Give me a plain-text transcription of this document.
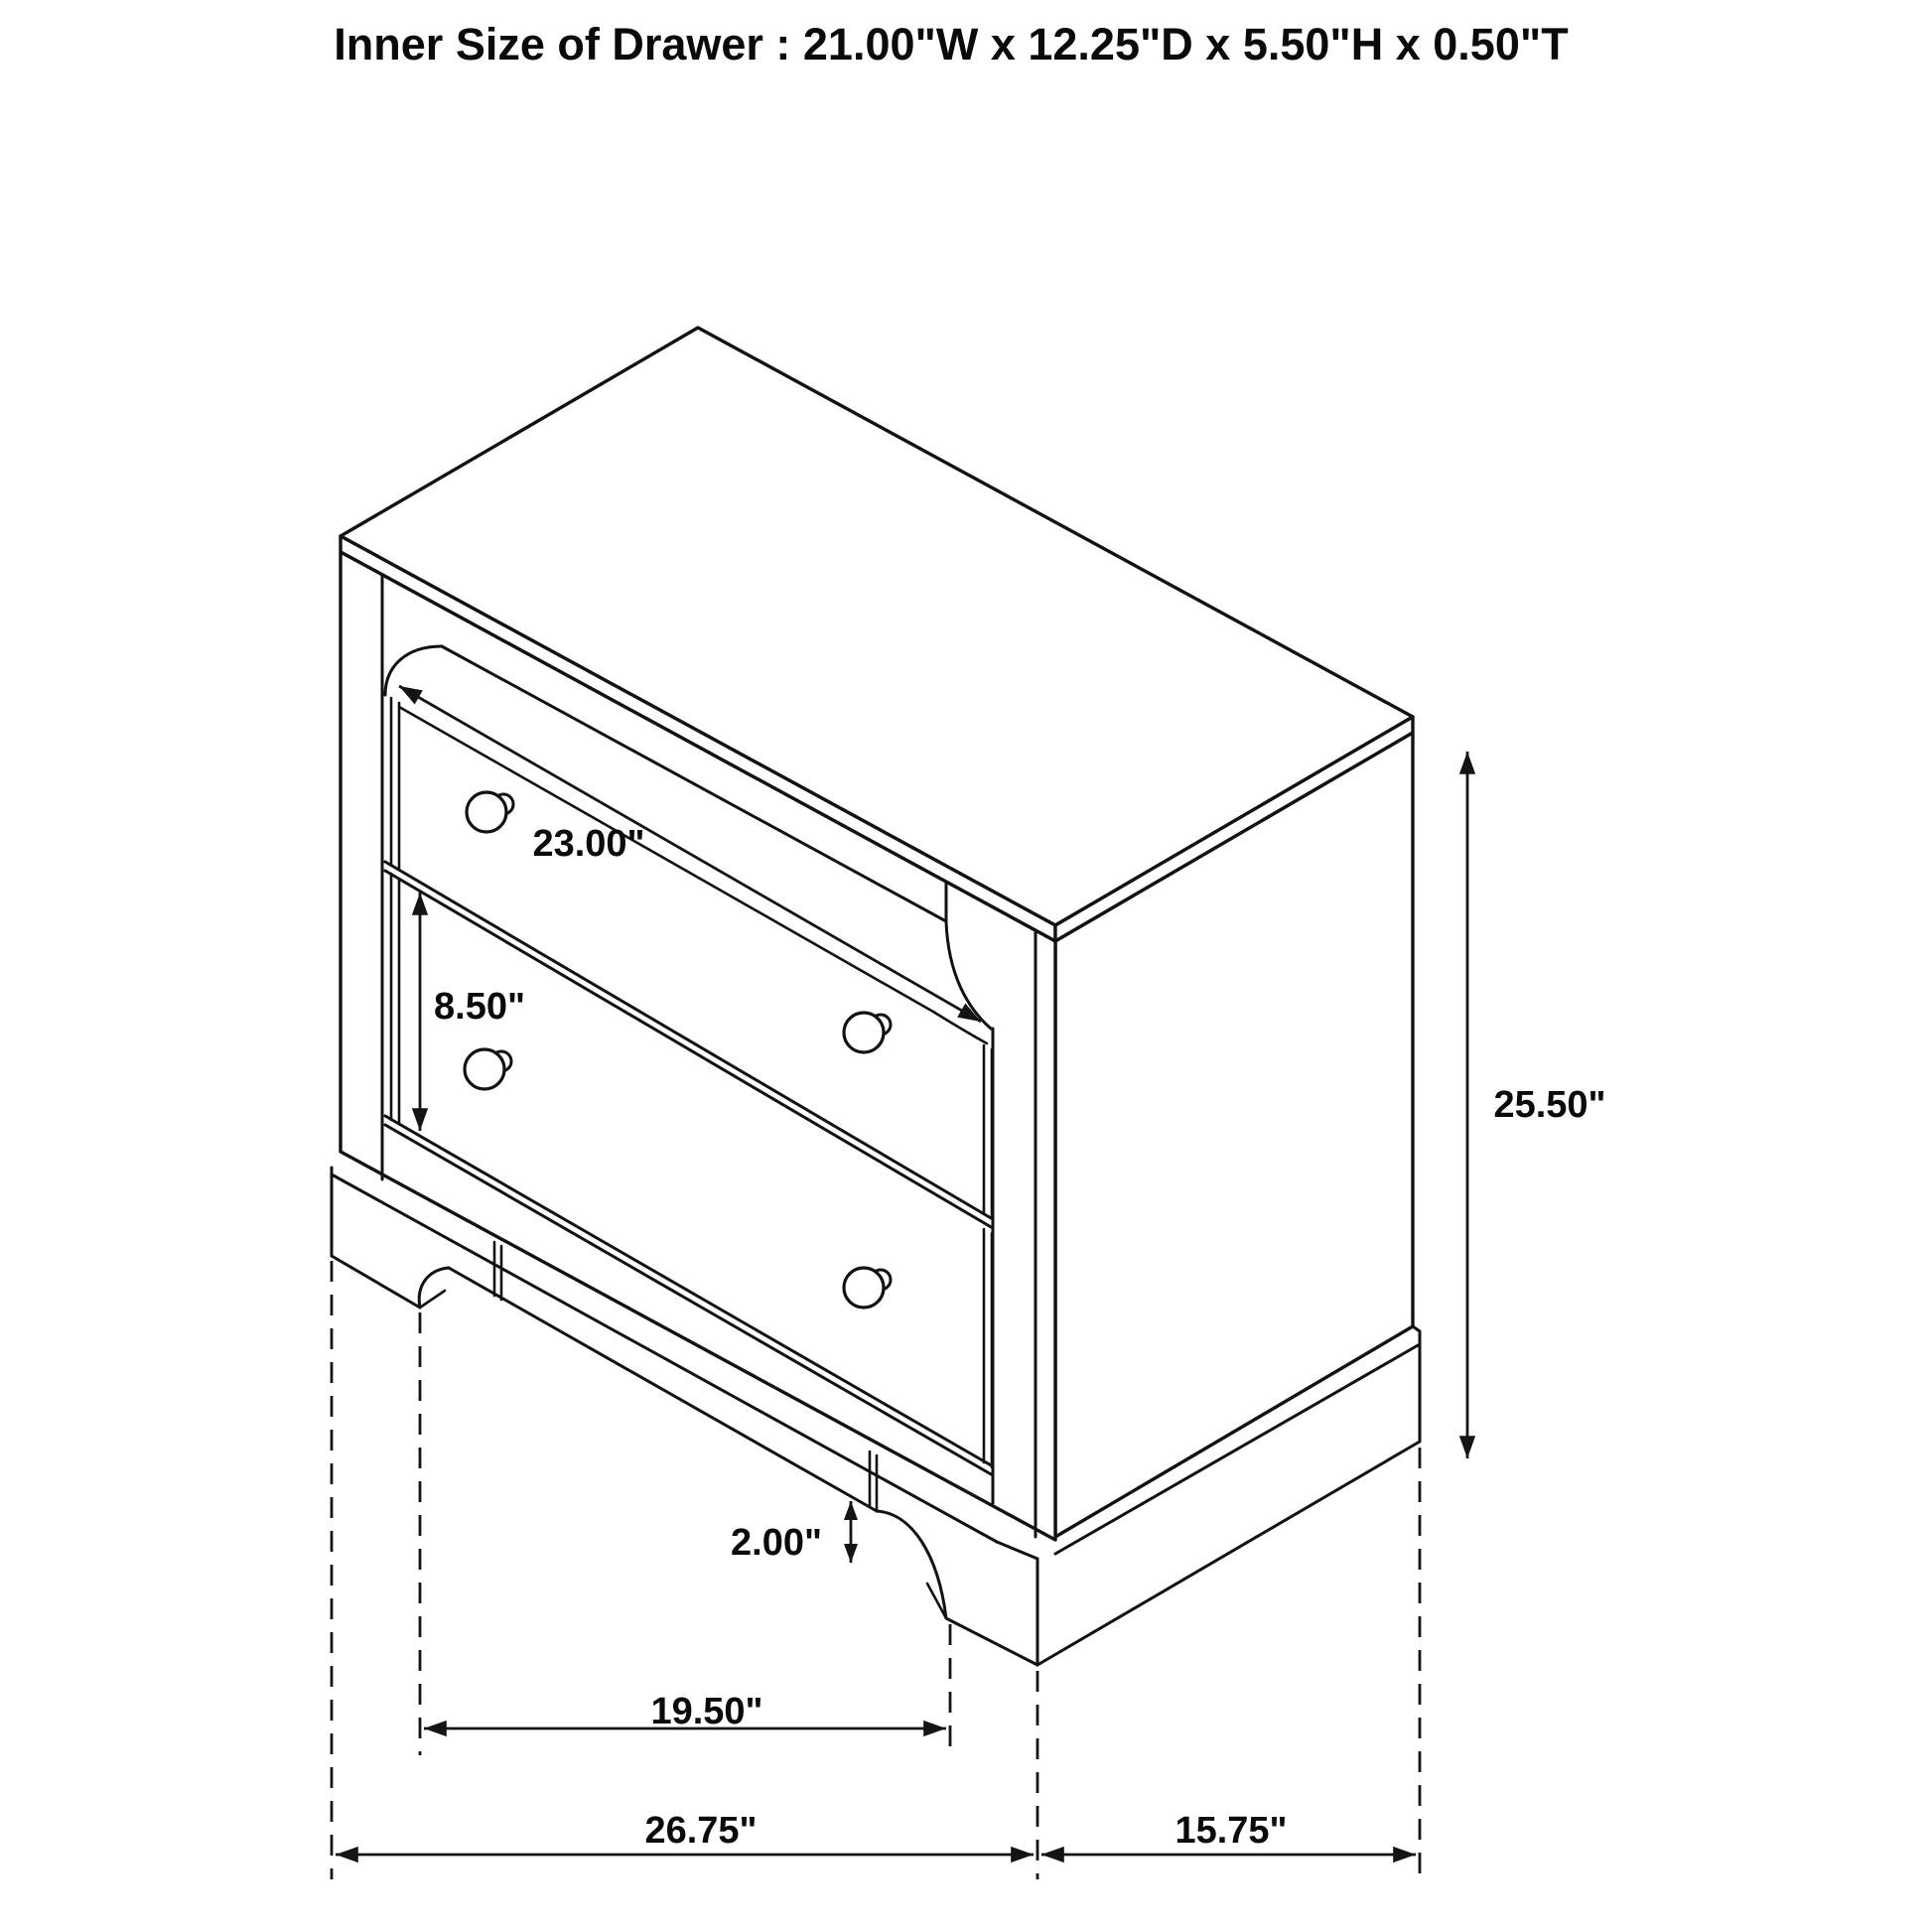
23.00"
8.50"
25.50"
2.00"
19.50"
26.75"	15.75"
Inner Size of Drawer : 21.00"W x 12.25"D x 5.50"H x 0.50"T
